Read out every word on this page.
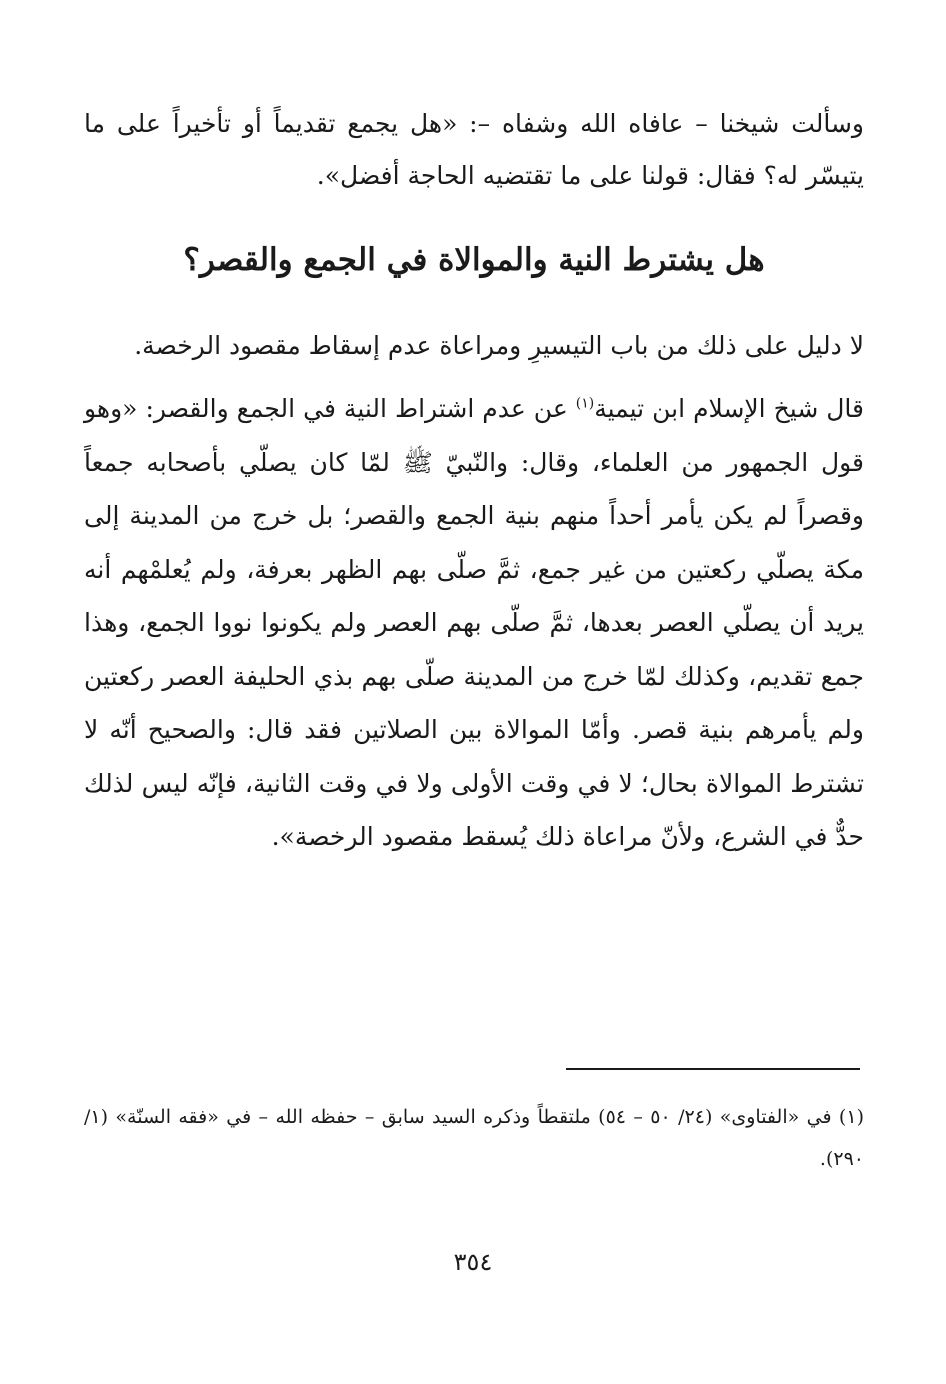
وسألت شيخنا – عافاه الله وشفاه –: «هل يجمع تقديماً أو تأخيراً على ما يتيسّر له؟ فقال: قولنا على ما تقتضيه الحاجة أفضل».

هل يشترط النية والموالاة في الجمع والقصر؟

لا دليل على ذلك من باب التيسيرِ ومراعاة عدم إسقاط مقصود الرخصة.

قال شيخ الإسلام ابن تيمية$^{(١)}$ عن عدم اشتراط النية في الجمع والقصر: «وهو قول الجمهور من العلماء، وقال: والنّبيّ ﷺ لمّا كان يصلّي بأصحابه جمعاً وقصراً لم يكن يأمر أحداً منهم بنية الجمع والقصر؛ بل خرج من المدينة إلى مكة يصلّي ركعتين من غير جمع، ثمَّ صلّى بهم الظهر بعرفة، ولم يُعلمْهم أنه يريد أن يصلّي العصر بعدها، ثمَّ صلّى بهم العصر ولم يكونوا نووا الجمع، وهذا جمع تقديم، وكذلك لمّا خرج من المدينة صلّى بهم بذي الحليفة العصر ركعتين ولم يأمرهم بنية قصر. وأمّا الموالاة بين الصلاتين فقد قال: والصحيح أنّه لا تشترط الموالاة بحال؛ لا في وقت الأولى ولا في وقت الثانية، فإنّه ليس لذلك حدٌّ في الشرع، ولأنّ مراعاة ذلك يُسقط مقصود الرخصة».

(١) في «الفتاوى» (٢٤/ ٥٠ – ٥٤) ملتقطاً وذكره السيد سابق – حفظه الله – في «فقه السنّة» (١/ ٢٩٠).
٣٥٤
